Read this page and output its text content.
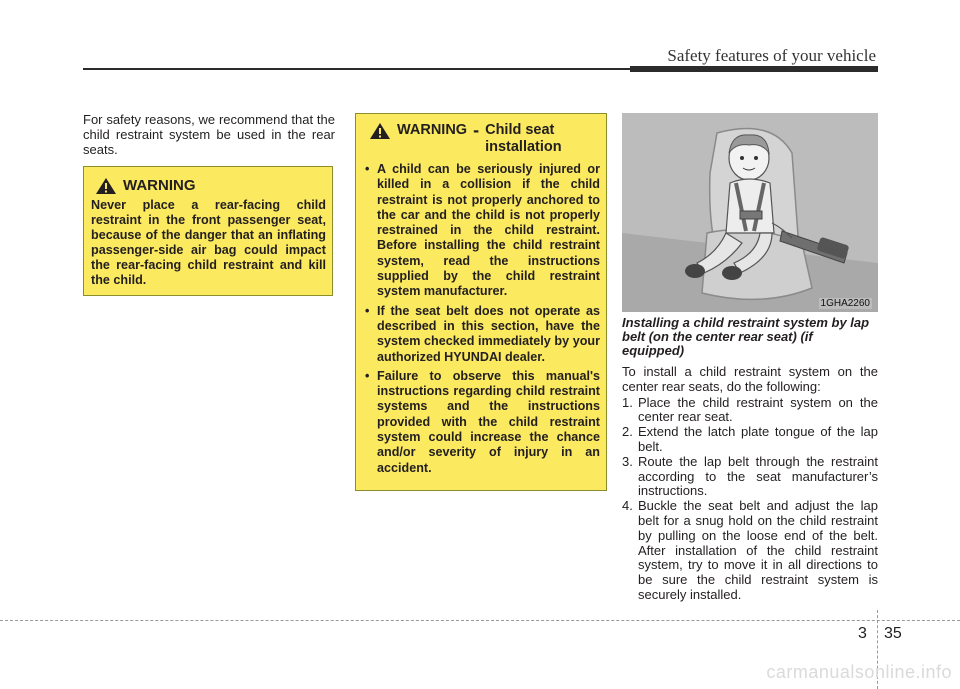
Safety features of your vehicle
For safety reasons, we recommend that the child restraint system be used in the rear seats.
WARNING
Never place a rear-facing child restraint in the front passenger seat, because of the danger that an inflating passenger-side air bag could impact the rear-facing child restraint and kill the child.
WARNING - Child seat installation
• A child can be seriously injured or killed in a collision if the child restraint is not properly anchored to the car and the child is not properly restrained in the child restraint. Before installing the child restraint system, read the instructions supplied by the child restraint system manufacturer.
• If the seat belt does not operate as described in this section, have the system checked immediately by your authorized HYUNDAI dealer.
• Failure to observe this manual's instructions regarding child restraint systems and the instructions provided with the child restraint system could increase the chance and/or severity of injury in an accident.
1GHA2260
Installing a child restraint system by lap belt (on the center rear seat) (if equipped)

To install a child restraint system on the center rear seats, do the following:

1. Place the child restraint system on the center rear seat.
2. Extend the latch plate tongue of the lap belt.
3. Route the lap belt through the restraint according to the seat manufacturer’s instructions.
4. Buckle the seat belt and adjust the lap belt for a snug hold on the child restraint by pulling on the loose end of the belt. After installation of the child restraint system, try to move it in all directions to be sure the child restraint system is securely installed.
3 35
carmanualsonline.info
